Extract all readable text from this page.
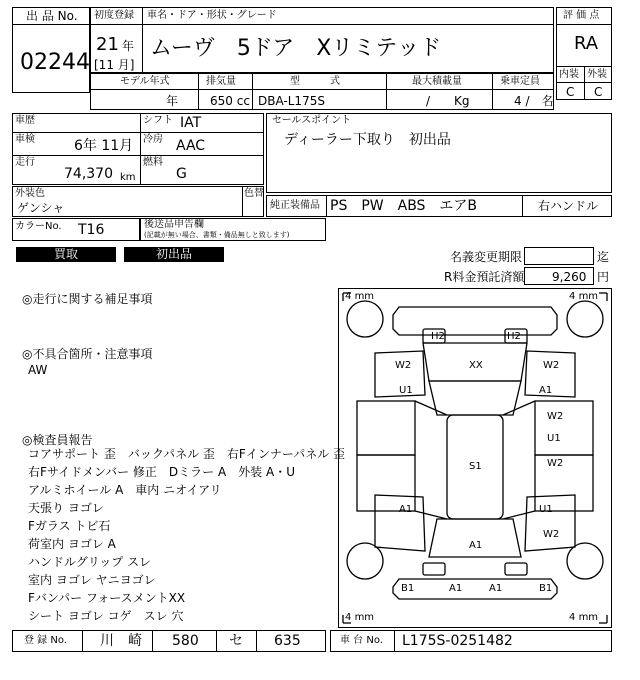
出 品 No.
02244
初度登録 車名・ドア・形状・グレード
21 年
[11 月]
ムーヴ　5ドア　Xリミテッド
評 価 点
RA
内装 外装
C C
モデル年式	排気量	型　　　式	最大積載量	乗車定員
年	650 cc DBA-L175S	/　　Kg	4 /　名
車歴	シフト IAT
車検	6年 11月 冷房 AAC
走行
74,370 km
燃料
G
セールスポイント
ディーラー下取り　初出品
外装色
ゲンシャ
色替
純正装備品 PS　PW　ABS　エアB	右ハンドル
カラーNo. T16	後送品申告欄
(記載が無い場合、書類・備品無しと致します)
買取	初出品	名義変更期限	迄
R料金預託済額 9,260 円
◎走行に関する補足事項
◎不具合箇所・注意事項
AW
◎検査員報告
コアサポート 歪　バックパネル 歪　右Fインナーパネル 歪
右Fサイドメンバー 修正　Dミラー A　外装 A・U
アルミホイール A　車内 ニオイアリ
天張り ヨゴレ
Fガラス トビ石
荷室内 ヨゴレ A
ハンドルグリップ スレ
室内 ヨゴレ ヤニヨゴレ
Fバンパー フォースメントXX
シート ヨゴレ コゲ　スレ 穴
4 mm	4 mm
4 mm	4 mm
H2	H2
W2	XX	W2
U1	A1
W2
U1
W2
S1
A1	U1
W2
A1
B1	A1	A1	B1
登 録 No. 川　崎 580 セ 635	車 台 No. L175S-0251482
